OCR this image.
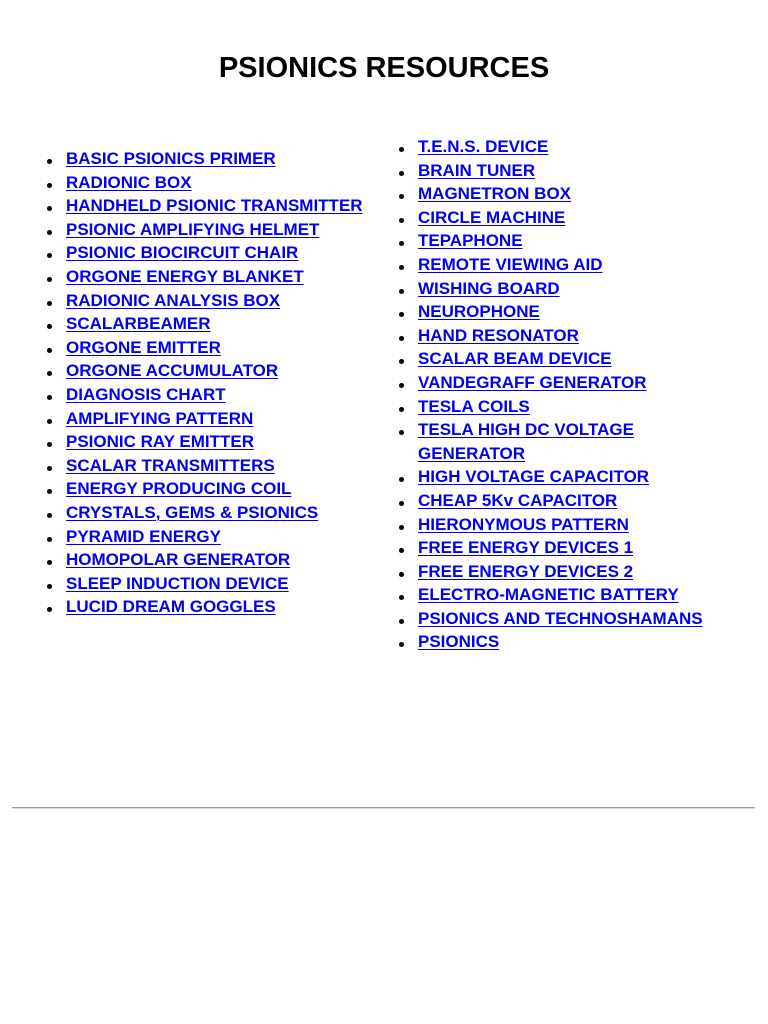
PSIONICS RESOURCES
BASIC PSIONICS PRIMER
RADIONIC BOX
HANDHELD PSIONIC TRANSMITTER
PSIONIC AMPLIFYING HELMET
PSIONIC BIOCIRCUIT CHAIR
ORGONE ENERGY BLANKET
RADIONIC ANALYSIS BOX
SCALARBEAMER
ORGONE EMITTER
ORGONE ACCUMULATOR
DIAGNOSIS CHART
AMPLIFYING PATTERN
PSIONIC RAY EMITTER
SCALAR TRANSMITTERS
ENERGY PRODUCING COIL
CRYSTALS, GEMS & PSIONICS
PYRAMID ENERGY
HOMOPOLAR GENERATOR
SLEEP INDUCTION DEVICE
LUCID DREAM GOGGLES
T.E.N.S. DEVICE
BRAIN TUNER
MAGNETRON BOX
CIRCLE MACHINE
TEPAPHONE
REMOTE VIEWING AID
WISHING BOARD
NEUROPHONE
HAND RESONATOR
SCALAR BEAM DEVICE
VANDEGRAFF GENERATOR
TESLA COILS
TESLA HIGH DC VOLTAGE GENERATOR
HIGH VOLTAGE CAPACITOR
CHEAP 5Kv CAPACITOR
HIERONYMOUS PATTERN
FREE ENERGY DEVICES 1
FREE ENERGY DEVICES 2
ELECTRO-MAGNETIC BATTERY
PSIONICS AND TECHNOSHAMANS
PSIONICS
